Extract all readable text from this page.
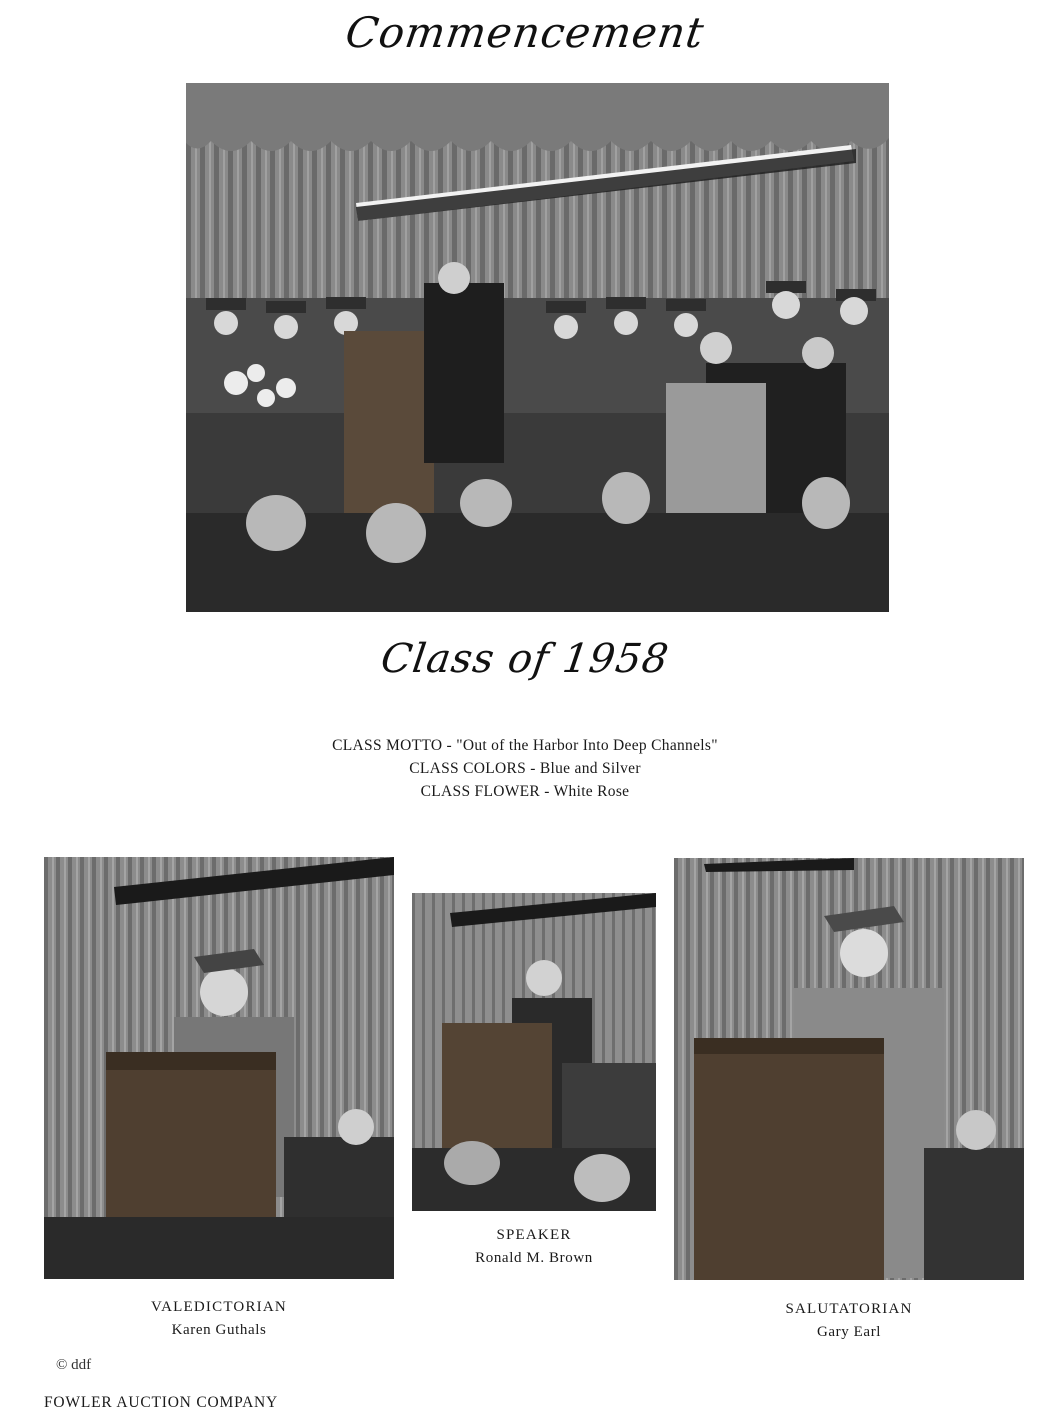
Commencement
Class of 1958
CLASS MOTTO - "Out of the Harbor Into Deep Channels"
CLASS COLORS - Blue and Silver
CLASS FLOWER - White Rose
VALEDICTORIAN
Karen Guthals
SPEAKER
Ronald M. Brown
SALUTATORIAN
Gary Earl
© ddf
FOWLER AUCTION COMPANY
